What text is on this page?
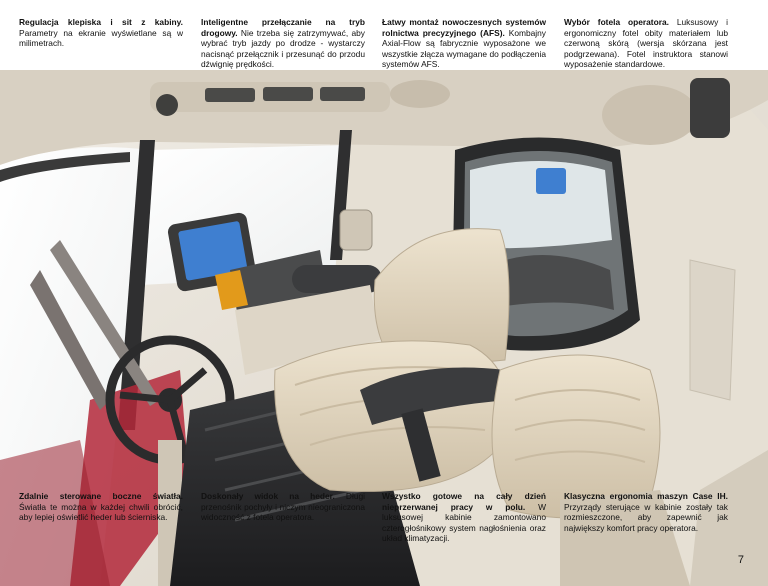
Regulacja klepiska i sit z kabiny. Parametry na ekranie wyświetlane są w milimetrach.
Inteligentne przełączanie na tryb drogowy. Nie trzeba się zatrzymywać, aby wybrać tryb jazdy po drodze - wystarczy nacisnąć przełącznik i przesunąć do przodu dźwignię prędkości.
Łatwy montaż nowoczesnych systemów rolnictwa precyzyjnego (AFS). Kombajny Axial-Flow są fabrycznie wyposażone we wszystkie złącza wymagane do podłączenia systemów AFS.
Wybór fotela operatora. Luksusowy i ergonomiczny fotel obity materiałem lub czerwoną skórą (wersja skórzana jest podgrzewana). Fotel instruktora stanowi wyposażenie standardowe.
Zdalnie sterowane boczne światła. Światła te można w każdej chwili obrócić, aby lepiej oświetlić heder lub ścierniska.
Doskonały widok na heder. Długi przenośnik pochyły i niczym nieograniczona widoczność z fotela operatora.
Wszystko gotowe na cały dzień nieprzerwanej pracy w polu. W luksusowej kabinie zamontowano czterogłośnikowy system nagłośnienia oraz układ klimatyzacji.
Klasyczna ergonomia maszyn Case IH. Przyrządy sterujące w kabinie zostały tak rozmieszczone, aby zapewnić jak największy komfort pracy operatora.
7
